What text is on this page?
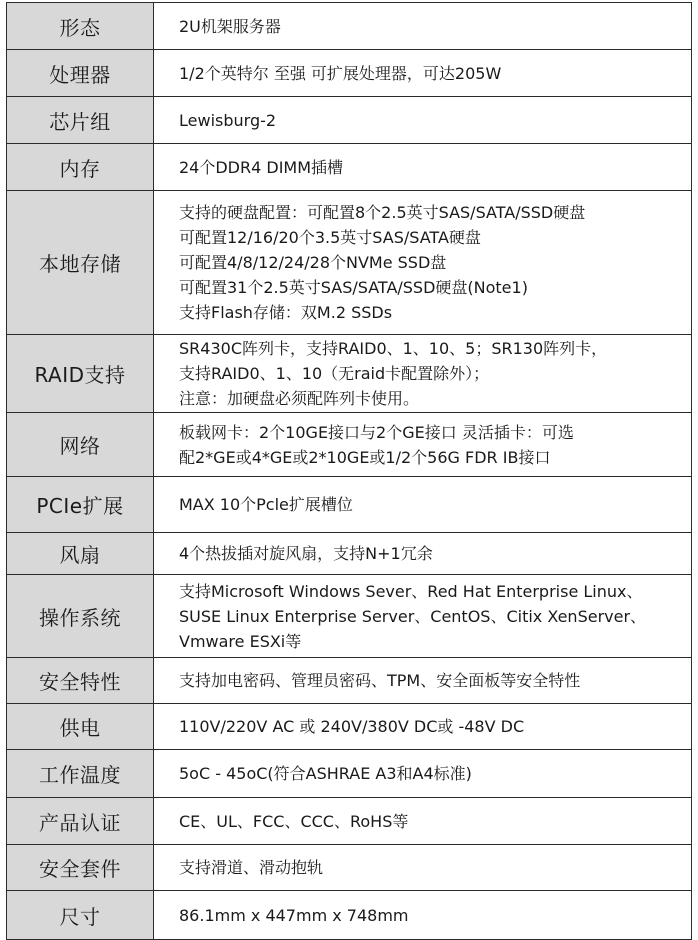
形态	2U机架服务器
处理器	1/2个英特尔 至强 可扩展处理器，可达205W
芯片组	Lewisburg-2
内存	24个DDR4 DIMM插槽
本地存储	支持的硬盘配置：可配置8个2.5英寸SAS/SATA/SSD硬盘
可配置12/16/20个3.5英寸SAS/SATA硬盘
可配置4/8/12/24/28个NVMe SSD盘
可配置31个2.5英寸SAS/SATA/SSD硬盘(Note1)
支持Flash存储：双M.2 SSDs
RAID支持	SR430C阵列卡，支持RAID0、1、10、5；SR130阵列卡，
支持RAID0、1、10（无raid卡配置除外）；
注意：加硬盘必须配阵列卡使用。
网络	板载网卡：2个10GE接口与2个GE接口 灵活插卡：可选
配2*GE或4*GE或2*10GE或1/2个56G FDR IB接口
PCIe扩展	MAX 10个Pcle扩展槽位
风扇	4个热拔插对旋风扇，支持N+1冗余
操作系统	支持Microsoft Windows Sever、Red Hat Enterprise Linux、
SUSE Linux Enterprise Server、CentOS、Citix XenServer、
Vmware ESXi等
安全特性	支持加电密码、管理员密码、TPM、安全面板等安全特性
供电	110V/220V AC 或 240V/380V DC或 -48V DC
工作温度	5oC - 45oC(符合ASHRAE A3和A4标准)
产品认证	CE、UL、FCC、CCC、RoHS等
安全套件	支持滑道、滑动抱轨
尺寸	86.1mm x 447mm x 748mm
